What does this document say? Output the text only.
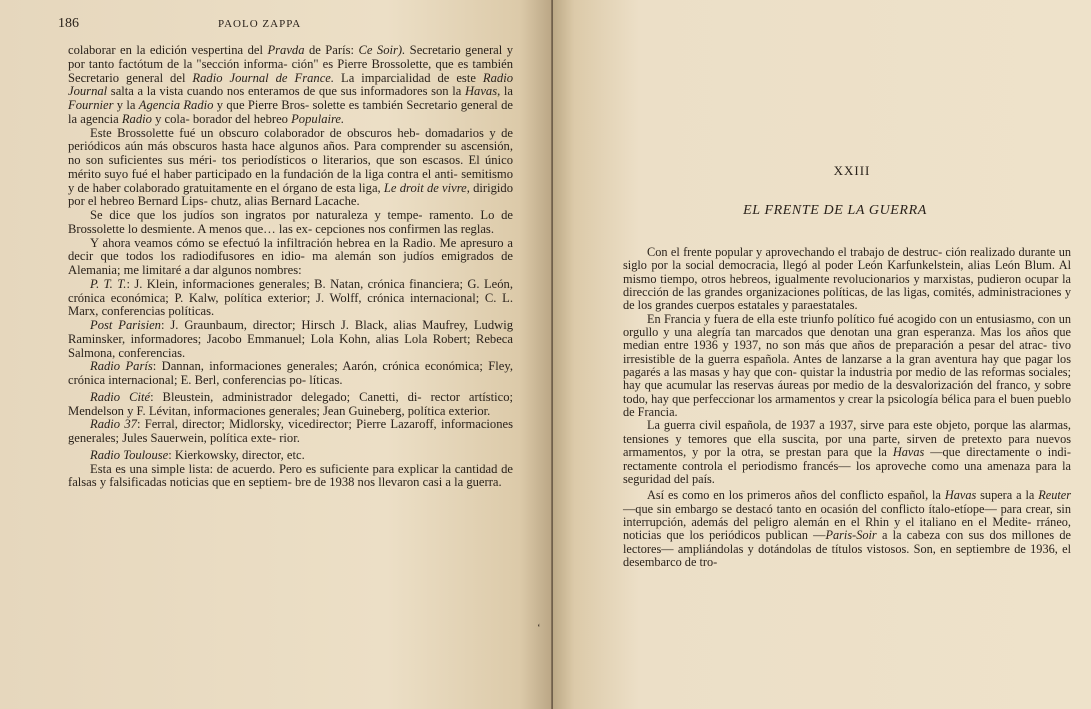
186	PAOLO ZAPPA

colaborar en la edición vespertina del Pravda de París: Ce Soir). Secretario general y por tanto factótum de la "sección informa- ción" es Pierre Brossolette, que es también Secretario general del Radio Journal de France. La imparcialidad de este Radio Journal salta a la vista cuando nos enteramos de que sus informadores son la Havas, la Fournier y la Agencia Radio y que Pierre Bros- solette es también Secretario general de la agencia Radio y cola- borador del hebreo Populaire.

Este Brossolette fué un obscuro colaborador de obscuros heb- domadarios y de periódicos aún más obscuros hasta hace algunos años. Para comprender su ascensión, no son suficientes sus méri- tos periodísticos o literarios, que son escasos. El único mérito suyo fué el haber participado en la fundación de la liga contra el anti- semitismo y de haber colaborado gratuitamente en el órgano de esta liga, Le droit de vivre, dirigido por el hebreo Bernard Lips- chutz, alias Bernard Lacache.

Se dice que los judíos son ingratos por naturaleza y tempe- ramento. Lo de Brossolette lo desmiente. A menos que… las ex- cepciones nos confirmen las reglas.

Y ahora veamos cómo se efectuó la infiltración hebrea en la Radio. Me apresuro a decir que todos los radiodifusores en idio- ma alemán son judíos emigrados de Alemania; me limitaré a dar algunos nombres:

P. T. T.: J. Klein, informaciones generales; B. Natan, crónica financiera; G. León, crónica económica; P. Kalw, política exterior; J. Wolff, crónica internacional; C. L. Marx, conferencias políticas.

Post Parisien: J. Graunbaum, director; Hirsch J. Black, alias Maufrey, Ludwig Raminsker, informadores; Jacobo Emmanuel; Lola Kohn, alias Lola Robert; Rebeca Salmona, conferencias.

Radio París: Dannan, informaciones generales; Aarón, crónica económica; Fley, crónica internacional; E. Berl, conferencias po- líticas.

Radio Cité: Bleustein, administrador delegado; Canetti, di- rector artístico; Mendelson y F. Lévitan, informaciones generales; Jean Guineberg, política exterior.

Radio 37: Ferral, director; Midlorsky, vicedirector; Pierre Lazaroff, informaciones generales; Jules Sauerwein, política exte- rior.

Radio Toulouse: Kierkowsky, director, etc.

Esta es una simple lista: de acuerdo. Pero es suficiente para explicar la cantidad de falsas y falsificadas noticias que en septiem- bre de 1938 nos llevaron casi a la guerra.

XXIII
EL FRENTE DE LA GUERRA

Con el frente popular y aprovechando el trabajo de destruc- ción realizado durante un siglo por la social democracia, llegó al poder León Karfunkelstein, alias León Blum. Al mismo tiempo, otros hebreos, igualmente revolucionarios y marxistas, pudieron ocupar la dirección de las grandes organizaciones políticas, de las ligas, comités, administraciones y de los grandes cuerpos estatales y paraestatales.

En Francia y fuera de ella este triunfo político fué acogido con un entusiasmo, con un orgullo y una alegría tan marcados que denotan una gran esperanza. Mas los años que median entre 1936 y 1937, no son más que años de preparación a pesar del atrac- tivo irresistible de la guerra española. Antes de lanzarse a la gran aventura hay que pagar los pagarés a las masas y hay que con- quistar la industria por medio de las reformas sociales; hay que acumular las reservas áureas por medio de la desvalorización del franco, y sobre todo, hay que perfeccionar los armamentos y crear la psicología bélica para el buen pueblo de Francia.

La guerra civil española, de 1937 a 1937, sirve para este objeto, porque las alarmas, tensiones y temores que ella suscita, por una parte, sirven de pretexto para nuevos armamentos, y por la otra, se prestan para que la Havas —que directamente o indi- rectamente controla el periodismo francés— los aproveche como una amenaza para la seguridad del país.

Así es como en los primeros años del conflicto español, la Havas supera a la Reuter —que sin embargo se destacó tanto en ocasión del conflicto ítalo-etíope— para crear, sin interrupción, además del peligro alemán en el Rhin y el italiano en el Medite- rráneo, noticias que los periódicos publican —Paris-Soir a la cabeza con sus dos millones de lectores— ampliándolas y dotándolas de títulos vistosos. Son, en septiembre de 1936, el desembarco de tro-

ʻ
